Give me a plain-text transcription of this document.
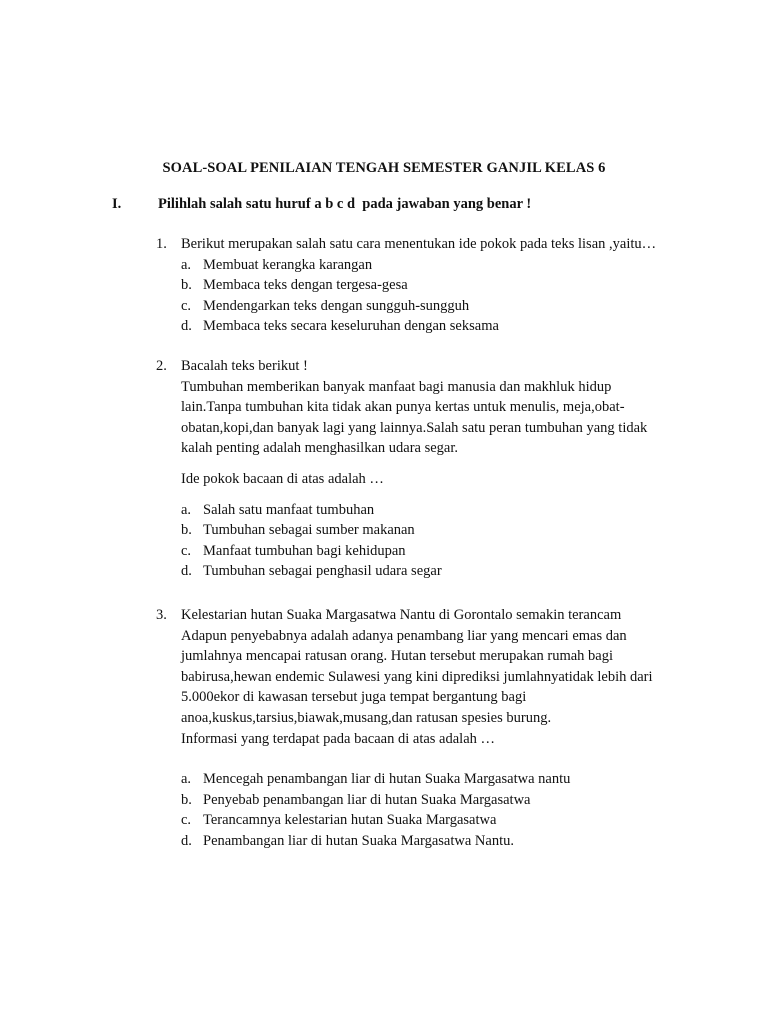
SOAL-SOAL PENILAIAN TENGAH SEMESTER GANJIL KELAS 6
I.	Pilihlah salah satu huruf a b c d  pada jawaban yang benar !
1. Berikut merupakan salah satu cara menentukan ide pokok pada teks lisan ,yaitu…
a. Membuat kerangka karangan
b. Membaca teks dengan tergesa-gesa
c. Mendengarkan teks dengan sungguh-sungguh
d. Membaca teks secara keseluruhan dengan seksama
2. Bacalah teks berikut !
Tumbuhan memberikan banyak manfaat bagi manusia dan makhluk hidup
lain.Tanpa tumbuhan kita tidak akan punya kertas untuk menulis, meja,obat-
obatan,kopi,dan banyak lagi yang lainnya.Salah satu peran tumbuhan yang tidak
kalah penting adalah menghasilkan udara segar.
Ide pokok bacaan di atas adalah …
a. Salah satu manfaat tumbuhan
b. Tumbuhan sebagai sumber makanan
c. Manfaat tumbuhan bagi kehidupan
d. Tumbuhan sebagai penghasil udara segar
3. Kelestarian hutan Suaka Margasatwa Nantu di Gorontalo semakin terancam
Adapun penyebabnya adalah adanya penambang liar yang mencari emas dan
jumlahnya mencapai ratusan orang. Hutan tersebut merupakan rumah bagi
babirusa,hewan endemic Sulawesi yang kini diprediksi jumlahnyatidak lebih dari
5.000ekor di kawasan tersebut juga tempat bergantung bagi
anoa,kuskus,tarsius,biawak,musang,dan ratusan spesies burung.
Informasi yang terdapat pada bacaan di atas adalah …
a. Mencegah penambangan liar di hutan Suaka Margasatwa nantu
b. Penyebab penambangan liar di hutan Suaka Margasatwa
c. Terancamnya kelestarian hutan Suaka Margasatwa
d. Penambangan liar di hutan Suaka Margasatwa Nantu.
